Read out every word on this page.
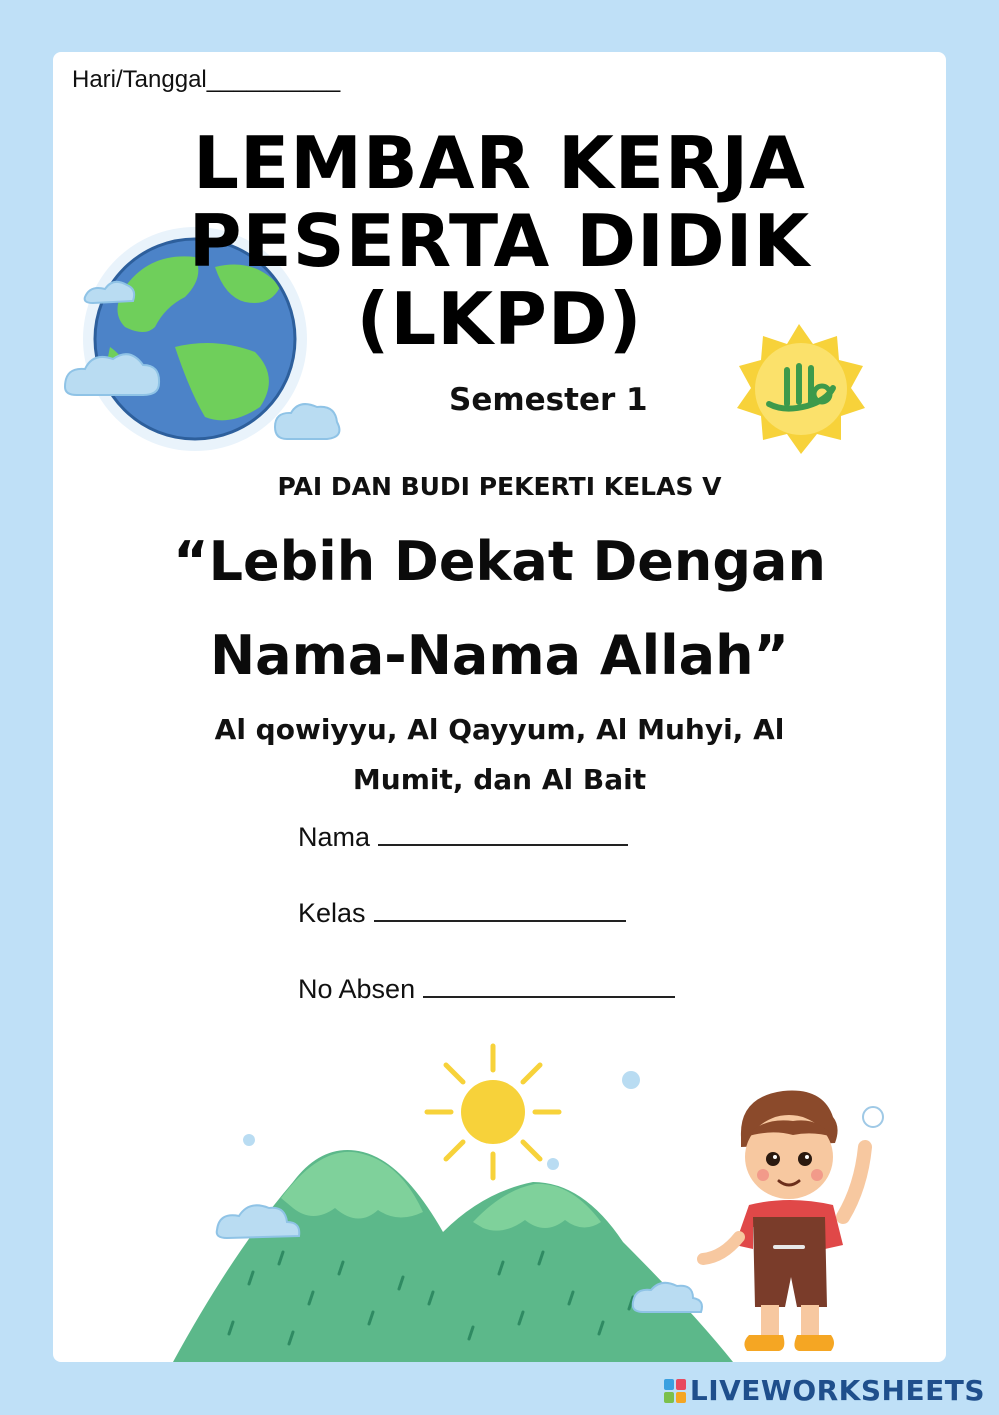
Hari/Tanggal__________
LEMBAR KERJA
PESERTA DIDIK
(LKPD)
Semester 1
PAI DAN BUDI PEKERTI KELAS V
“Lebih Dekat Dengan
Nama-Nama Allah”
Al qowiyyu, Al Qayyum, Al Muhyi, Al
Mumit, dan Al Bait
Nama
Kelas
No Absen
LIVEWORKSHEETS
